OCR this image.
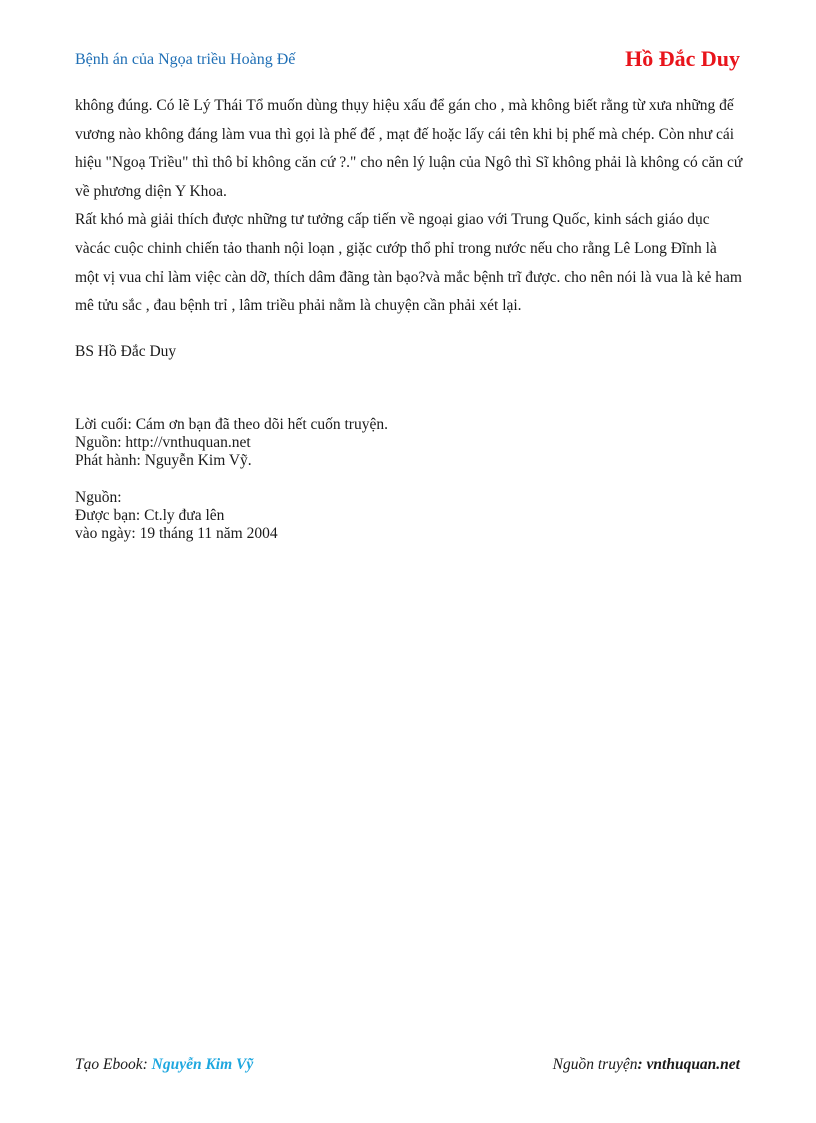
Bệnh án của Ngọa triều Hoàng Đế	Hồ Đắc Duy

không đúng. Có lẽ Lý Thái Tổ muốn dùng thụy hiệu xấu để gán cho , mà không biết rằng từ xưa những đế vương nào không đáng làm vua thì gọi là phế đế , mạt đế hoặc lấy cái tên khi bị phế mà chép. Còn như cái hiệu "Ngoạ Triều" thì thô bỉ không căn cứ ?." cho nên lý luận của Ngô thì Sĩ không phải là không có căn cứ về phương diện Y Khoa.

Rất khó mà giải thích được những tư tưởng cấp tiến về ngoại giao với Trung Quốc, kinh sách giáo dục vàcác cuộc chinh chiến tảo thanh nội loạn , giặc cướp thổ phỉ trong nước nếu cho rằng Lê Long Đĩnh là một vị vua chỉ làm việc càn dỡ, thích dâm đãng tàn bạo?và mắc bệnh trĩ được. cho nên nói là vua là kẻ ham mê tửu sắc , đau bệnh trỉ , lâm triều phải nằm là chuyện cần phải xét lại.

BS Hồ Đắc Duy
Lời cuối: Cám ơn bạn đã theo dõi hết cuốn truyện.
Nguồn: http://vnthuquan.net
Phát hành: Nguyễn Kim Vỹ.
Nguồn:
Được bạn: Ct.ly đưa lên
vào ngày: 19 tháng 11 năm 2004
Tạo Ebook: Nguyễn Kim Vỹ	Nguồn truyện: vnthuquan.net
